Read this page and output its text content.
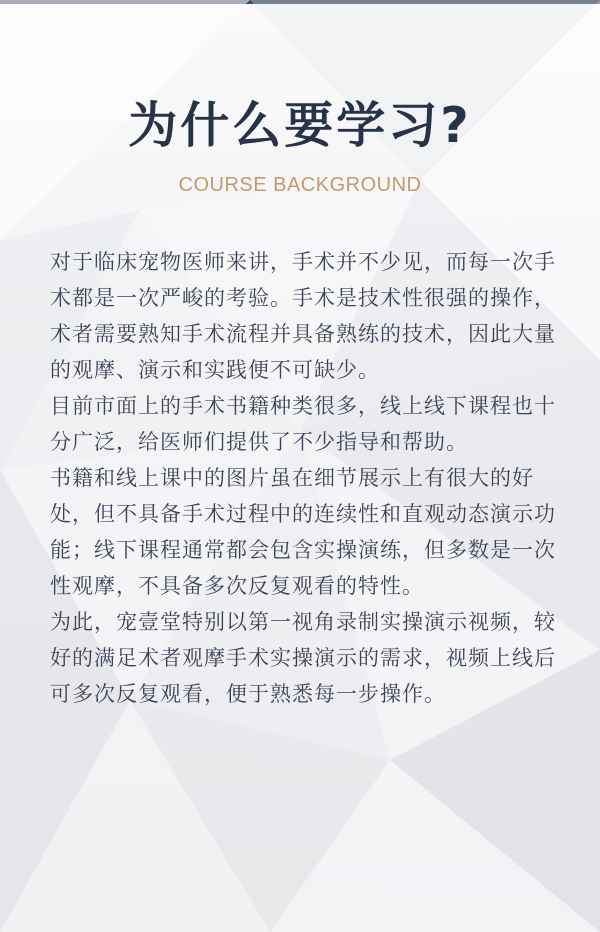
为什么要学习?
COURSE BACKGROUND

对于临床宠物医师来讲，手术并不少见，而每一次手术都是一次严峻的考验。手术是技术性很强的操作，术者需要熟知手术流程并具备熟练的技术，因此大量的观摩、演示和实践便不可缺少。

目前市面上的手术书籍种类很多，线上线下课程也十分广泛，给医师们提供了不少指导和帮助。

书籍和线上课中的图片虽在细节展示上有很大的好处，但不具备手术过程中的连续性和直观动态演示功能；线下课程通常都会包含实操演练，但多数是一次性观摩，不具备多次反复观看的特性。

为此，宠壹堂特别以第一视角录制实操演示视频，较好的满足术者观摩手术实操演示的需求，视频上线后可多次反复观看，便于熟悉每一步操作。
